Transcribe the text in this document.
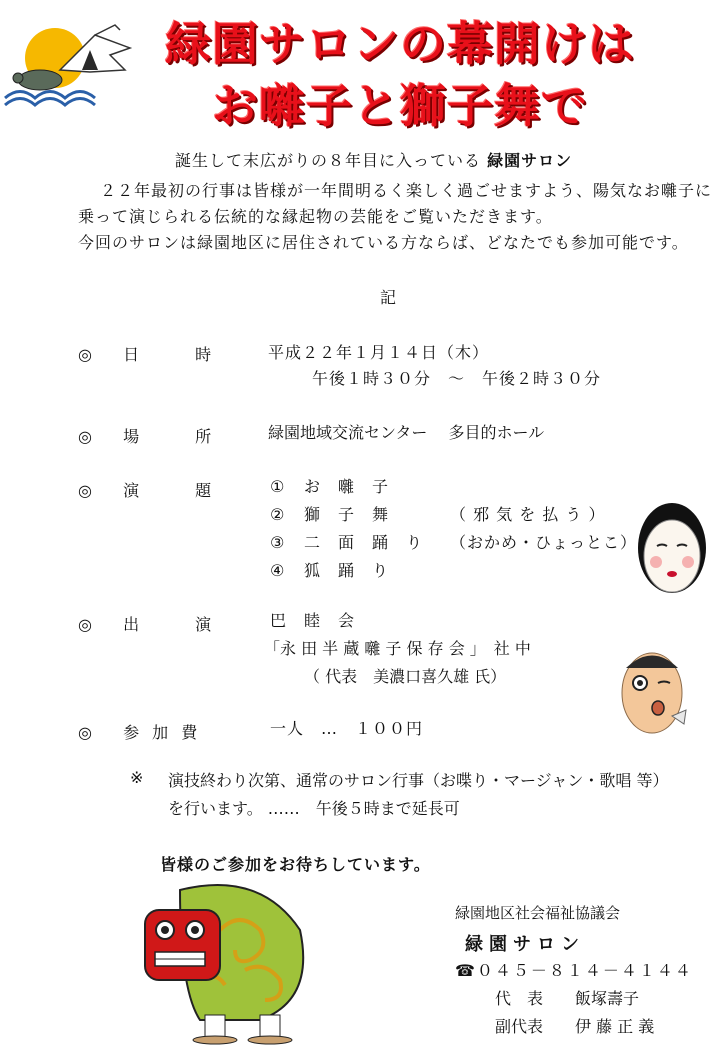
緑園サロンの幕開けは
お囃子と獅子舞で
誕生して末広がりの８年目に入っている 緑園サロン
２２年最初の行事は皆様が一年間明るく楽しく過ごせますよう、陽気なお囃子に
乗って演じられる伝統的な縁起物の芸能をご覧いただきます。
今回のサロンは緑園地区に居住されている方ならば、どなたでも参加可能です。
記
◎ 日　　時	平成２２年１月１４日（木）
午後１時３０分　～　午後２時３０分
◎ 場　　所	緑園地域交流センター　 多目的ホール
◎ 演　　題	① お　囃　子
② 獅　子　舞	（ 邪 気 を 払 う ）
③ 二　面　踊　り （おかめ・ひょっとこ）
④ 狐　踊　り
◎ 出　　演	巴　睦　会
「永 田 半 蔵 囃 子 保 存 会 」　社 中
（ 代表　美濃口喜久雄 氏）
◎ 参 加 費	一人　…　１００円
※ 演技終わり次第、通常のサロン行事（お喋り・マージャン・歌唱 等）
を行います。 ……　午後５時まで延長可
皆様のご参加をお待ちしています。
緑園地区社会福祉協議会
緑園サロン
☎０４５－８１４－４１４４
代　表　　飯塚壽子
副代表　　伊 藤 正 義
